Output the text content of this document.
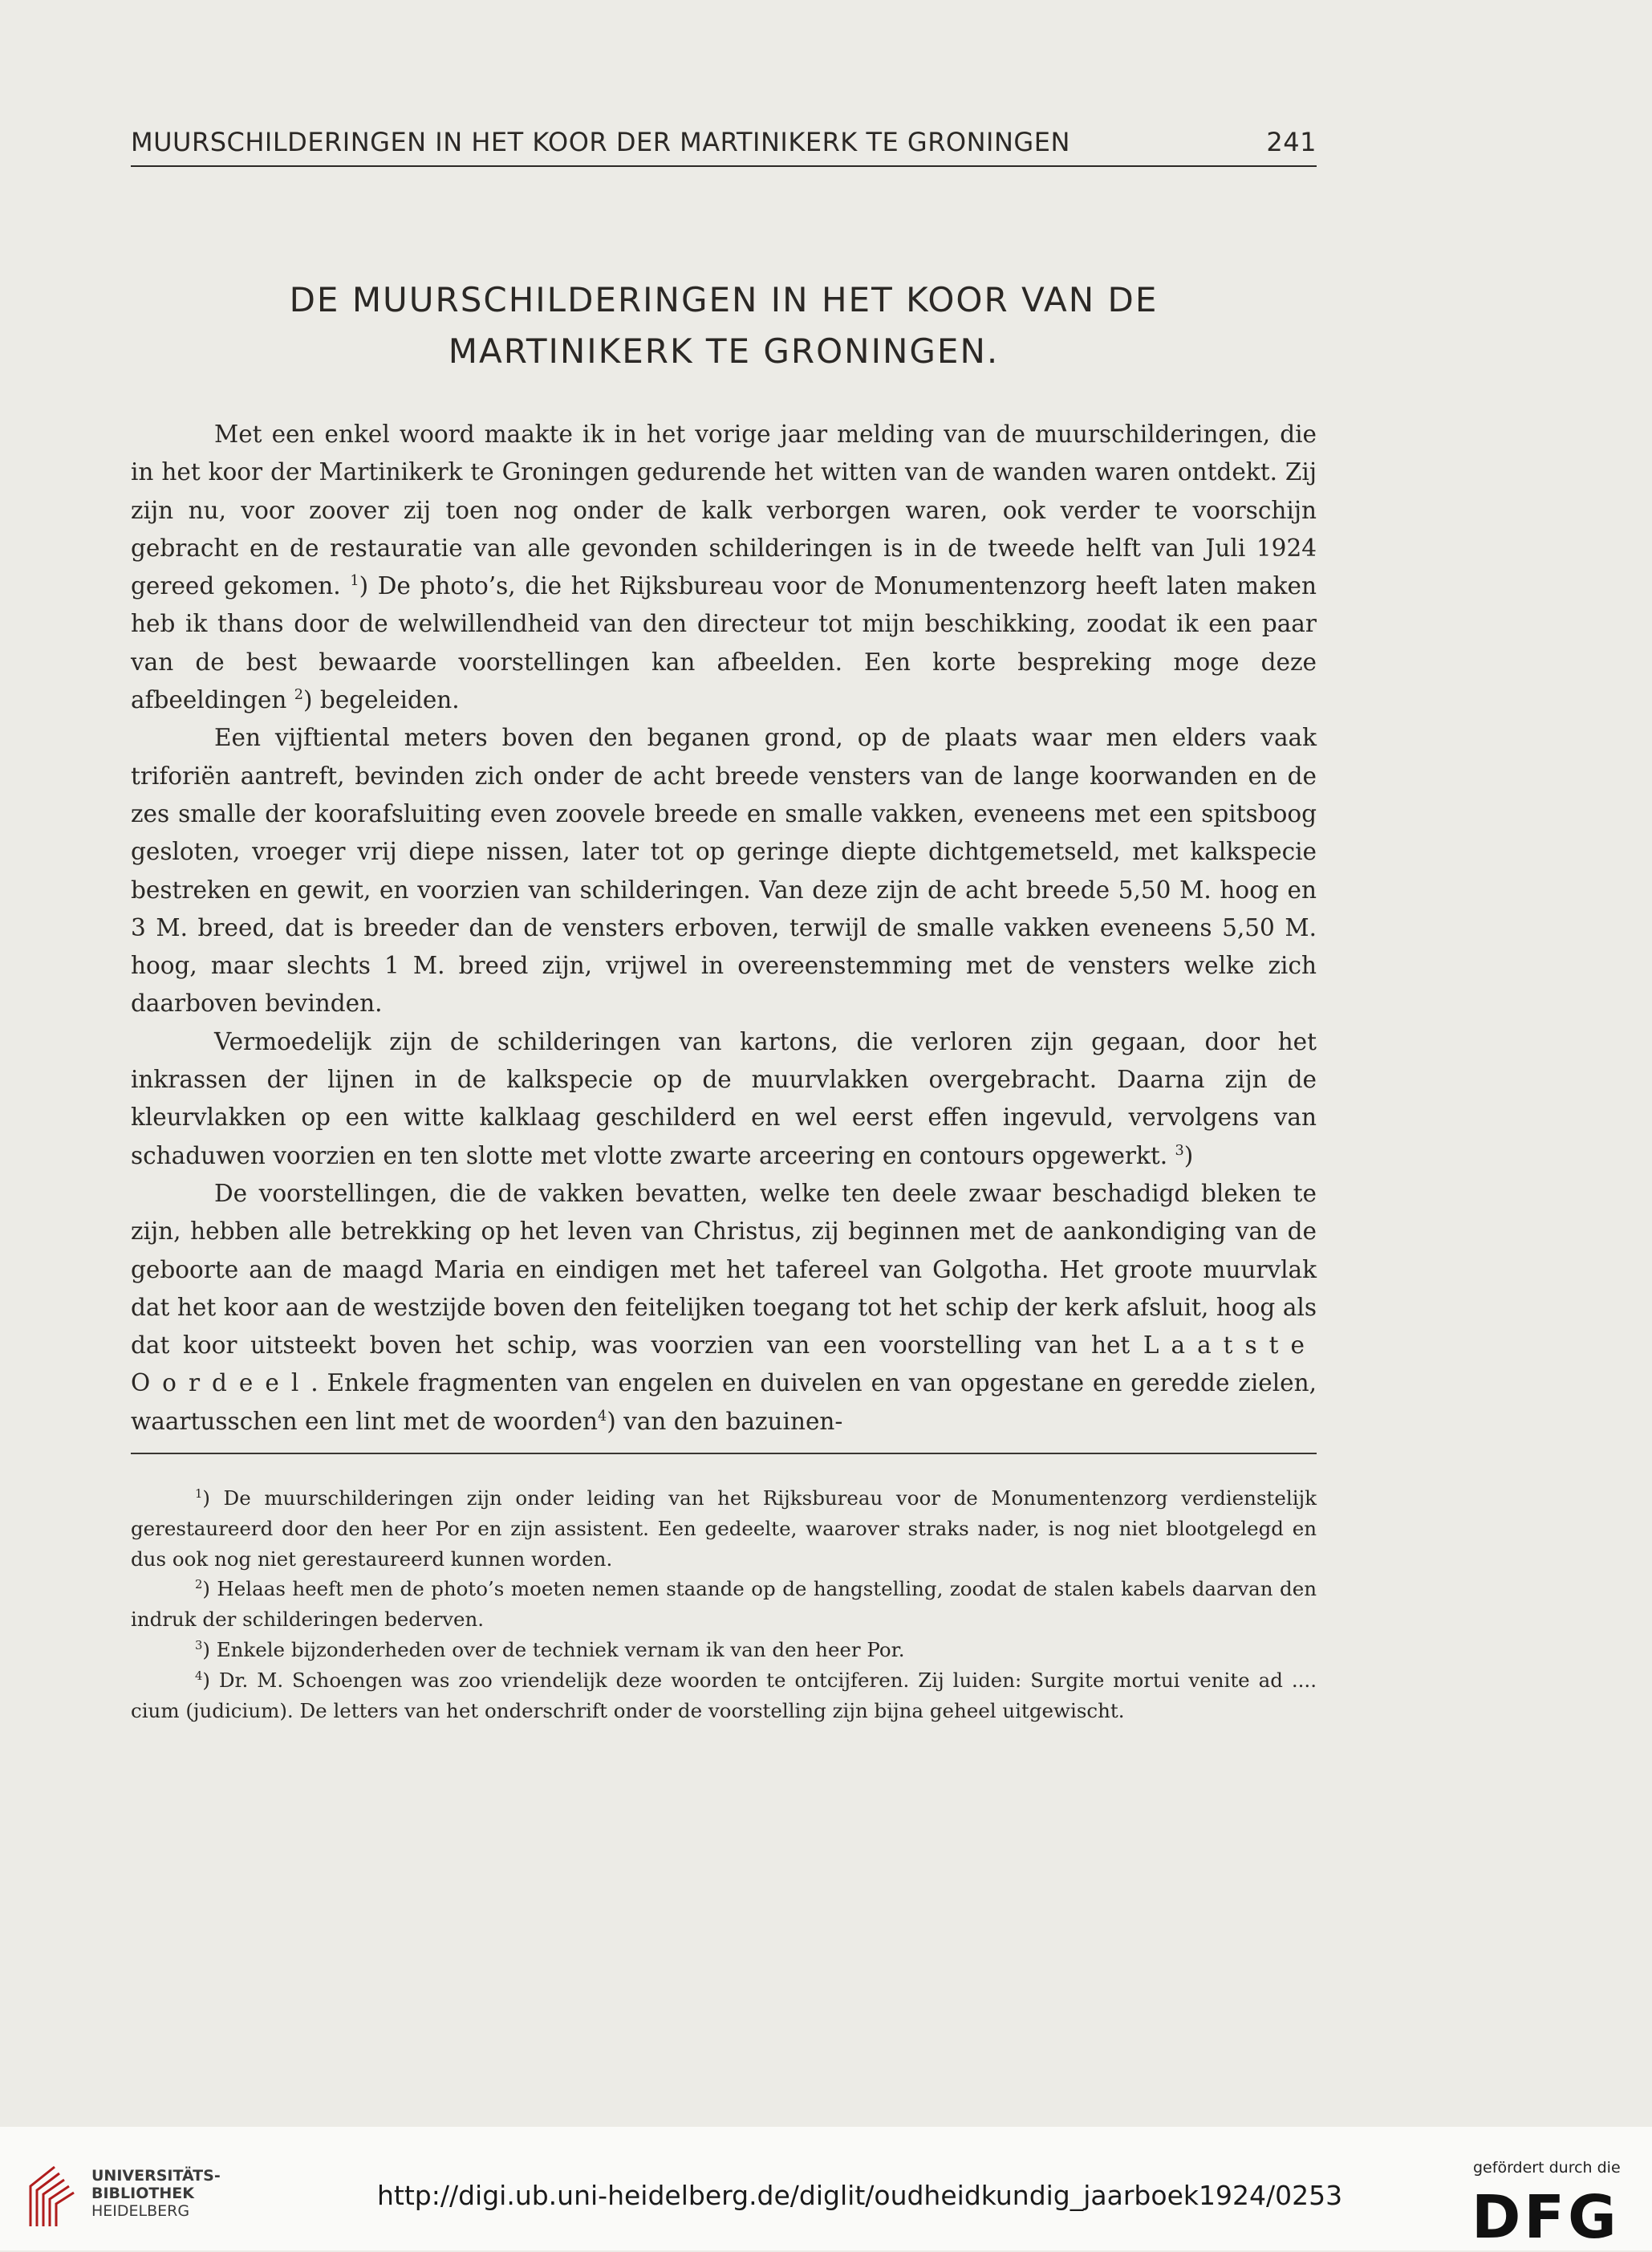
MUURSCHILDERINGEN IN HET KOOR DER MARTINIKERK TE GRONINGEN	241
DE MUURSCHILDERINGEN IN HET KOOR VAN DE
MARTINIKERK TE GRONINGEN.

Met een enkel woord maakte ik in het vorige jaar melding van de muurschilderingen, die in het koor der Martinikerk te Groningen gedurende het witten van de wanden waren ontdekt. Zij zijn nu, voor zoover zij toen nog onder de kalk verborgen waren, ook verder te voorschijn gebracht en de restauratie van alle gevonden schilderingen is in de tweede helft van Juli 1924 gereed gekomen. $^1$) De photo’s, die het Rijksbureau voor de Monumentenzorg heeft laten maken heb ik thans door de welwillendheid van den directeur tot mijn beschikking, zoodat ik een paar van de best bewaarde voorstellingen kan afbeelden. Een korte bespreking moge deze afbeeldingen $^2$) begeleiden.

Een vijftiental meters boven den beganen grond, op de plaats waar men elders vaak triforiën aantreft, bevinden zich onder de acht breede vensters van de lange koorwanden en de zes smalle der koorafsluiting even zoovele breede en smalle vakken, eveneens met een spitsboog gesloten, vroeger vrij diepe nissen, later tot op geringe diepte dichtgemetseld, met kalkspecie bestreken en gewit, en voorzien van schilderingen. Van deze zijn de acht breede 5,50 M. hoog en 3 M. breed, dat is breeder dan de vensters erboven, terwijl de smalle vakken eveneens 5,50 M. hoog, maar slechts 1 M. breed zijn, vrijwel in overeenstemming met de vensters welke zich daarboven bevinden.

Vermoedelijk zijn de schilderingen van kartons, die verloren zijn gegaan, door het inkrassen der lijnen in de kalkspecie op de muurvlakken overgebracht. Daarna zijn de kleurvlakken op een witte kalklaag geschilderd en wel eerst effen ingevuld, vervolgens van schaduwen voorzien en ten slotte met vlotte zwarte arceering en contours opgewerkt. $^3$)

De voorstellingen, die de vakken bevatten, welke ten deele zwaar beschadigd bleken te zijn, hebben alle betrekking op het leven van Christus, zij beginnen met de aankondiging van de geboorte aan de maagd Maria en eindigen met het tafereel van Golgotha. Het groote muurvlak dat het koor aan de westzijde boven den feitelijken toegang tot het schip der kerk afsluit, hoog als dat koor uitsteekt boven het schip, was voorzien van een voorstelling van het Laatste Oordeel. Enkele fragmenten van engelen en duivelen en van opgestane en geredde zielen, waartusschen een lint met de woorden$^4$) van den bazuinen-

$^1$) De muurschilderingen zijn onder leiding van het Rijksbureau voor de Monumentenzorg verdienstelijk gerestaureerd door den heer Por en zijn assistent. Een gedeelte, waarover straks nader, is nog niet blootgelegd en dus ook nog niet gerestaureerd kunnen worden.

$^2$) Helaas heeft men de photo’s moeten nemen staande op de hangstelling, zoodat de stalen kabels daarvan den indruk der schilderingen bederven.

$^3$) Enkele bijzonderheden over de techniek vernam ik van den heer Por.

$^4$) Dr. M. Schoengen was zoo vriendelijk deze woorden te ontcijferen. Zij luiden: Surgite mortui venite ad .... cium (judicium). De letters van het onderschrift onder de voorstelling zijn bijna geheel uitgewischt.

UNIVERSITÄTS-
BIBLIOTHEK
HEIDELBERG	http://digi.ub.uni-heidelberg.de/diglit/oudheidkundig_jaarboek1924/0253
gefördert durch die
DFG
